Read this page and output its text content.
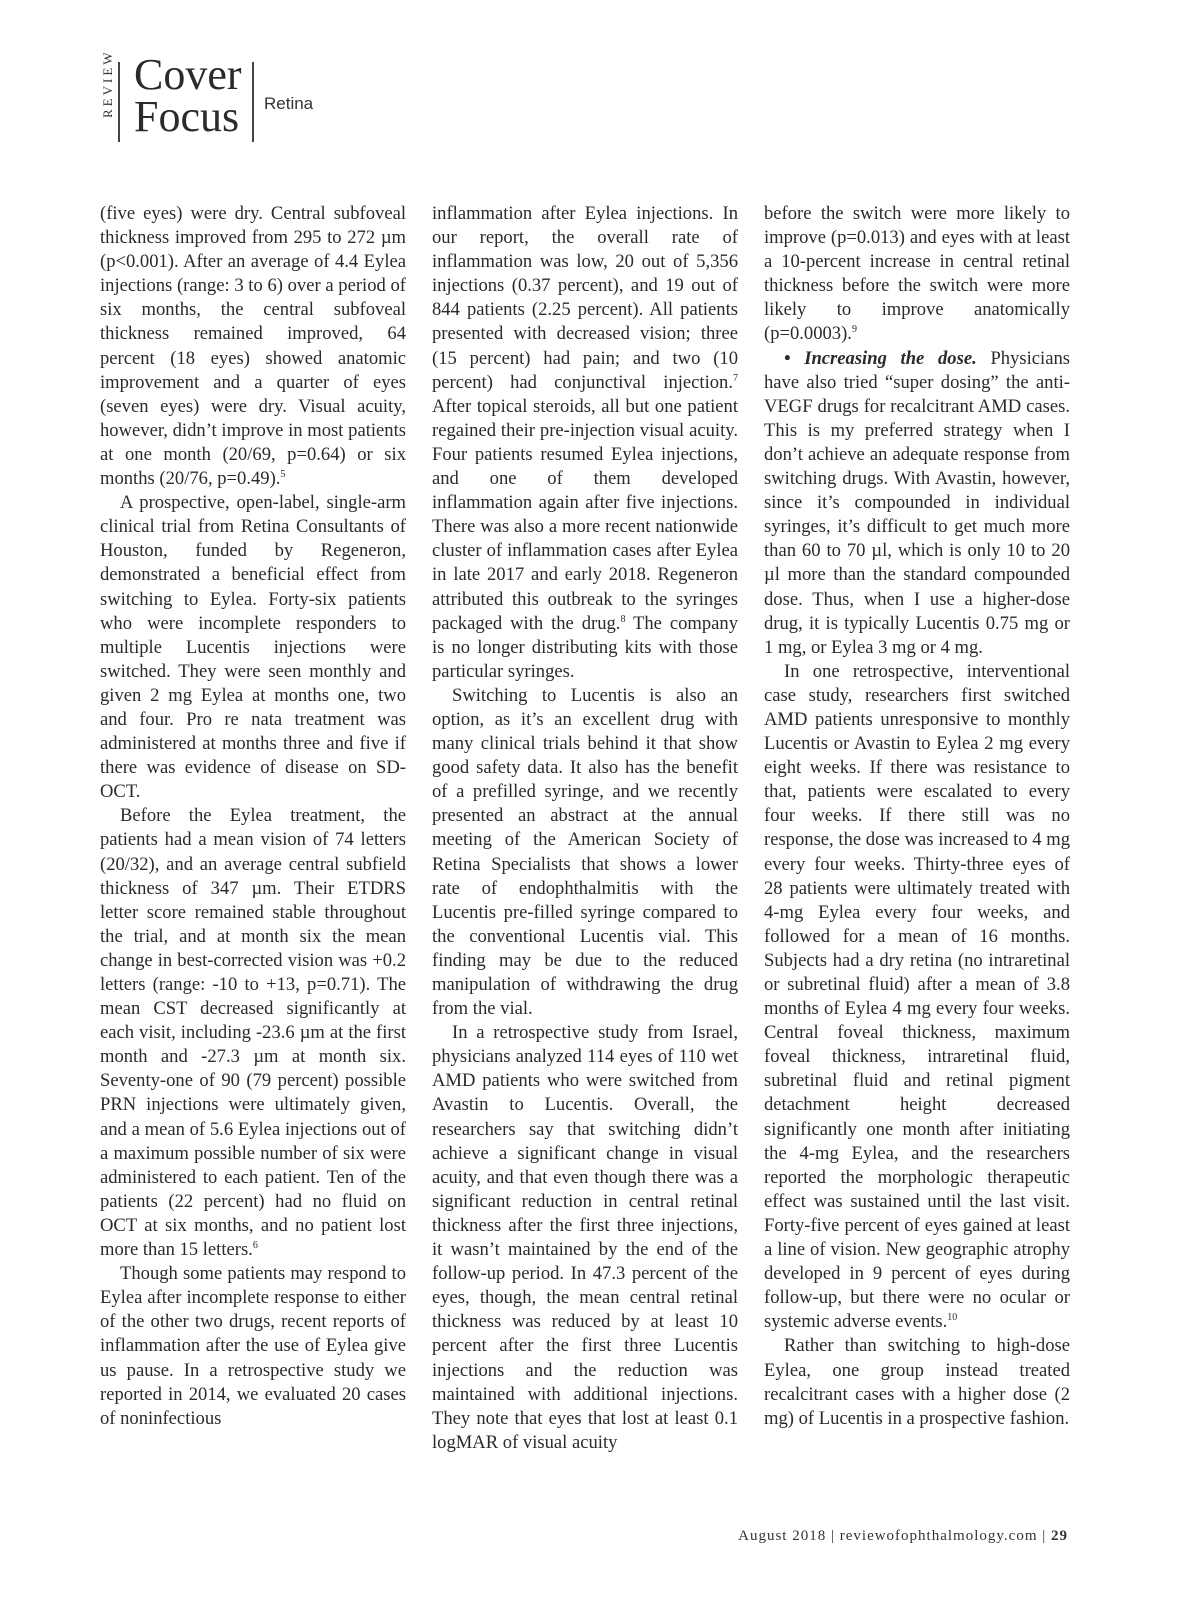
REVIEW Cover
Focus Retina

(five eyes) were dry. Central subfoveal thickness improved from 295 to 272 µm (p<0.001). After an average of 4.4 Eylea injections (range: 3 to 6) over a period of six months, the central subfoveal thickness remained improved, 64 percent (18 eyes) showed anatomic improvement and a quarter of eyes (seven eyes) were dry. Visual acuity, however, didn’t improve in most patients at one month (20/69, p=0.64) or six months (20/76, p=0.49).$^5$

A prospective, open-label, single-arm clinical trial from Retina Consultants of Houston, funded by Regeneron, demonstrated a beneficial effect from switching to Eylea. Forty-six patients who were incomplete responders to multiple Lucentis injections were switched. They were seen monthly and given 2 mg Eylea at months one, two and four. Pro re nata treatment was administered at months three and five if there was evidence of disease on SD-OCT.

Before the Eylea treatment, the patients had a mean vision of 74 letters (20/32), and an average central subfield thickness of 347 µm. Their ETDRS letter score remained stable throughout the trial, and at month six the mean change in best-corrected vision was +0.2 letters (range: -10 to +13, p=0.71). The mean CST decreased significantly at each visit, including -23.6 µm at the first month and -27.3 µm at month six. Seventy-one of 90 (79 percent) possible PRN injections were ultimately given, and a mean of 5.6 Eylea injections out of a maximum possible number of six were administered to each patient. Ten of the patients (22 percent) had no fluid on OCT at six months, and no patient lost more than 15 letters.$^6$

Though some patients may respond to Eylea after incomplete response to either of the other two drugs, recent reports of inflammation after the use of Eylea give us pause. In a retrospective study we reported in 2014, we evaluated 20 cases of noninfectious

inflammation after Eylea injections. In our report, the overall rate of inflammation was low, 20 out of 5,356 injections (0.37 percent), and 19 out of 844 patients (2.25 percent). All patients presented with decreased vision; three (15 percent) had pain; and two (10 percent) had conjunctival injection.$^7$ After topical steroids, all but one patient regained their pre-injection visual acuity. Four patients resumed Eylea injections, and one of them developed inflammation again after five injections. There was also a more recent nationwide cluster of inflammation cases after Eylea in late 2017 and early 2018. Regeneron attributed this outbreak to the syringes packaged with the drug.$^8$ The company is no longer distributing kits with those particular syringes.

Switching to Lucentis is also an option, as it’s an excellent drug with many clinical trials behind it that show good safety data. It also has the benefit of a prefilled syringe, and we recently presented an abstract at the annual meeting of the American Society of Retina Specialists that shows a lower rate of endophthalmitis with the Lucentis pre-filled syringe compared to the conventional Lucentis vial. This finding may be due to the reduced manipulation of withdrawing the drug from the vial.

In a retrospective study from Israel, physicians analyzed 114 eyes of 110 wet AMD patients who were switched from Avastin to Lucentis. Overall, the researchers say that switching didn’t achieve a significant change in visual acuity, and that even though there was a significant reduction in central retinal thickness after the first three injections, it wasn’t maintained by the end of the follow-up period. In 47.3 percent of the eyes, though, the mean central retinal thickness was reduced by at least 10 percent after the first three Lucentis injections and the reduction was maintained with additional injections. They note that eyes that lost at least 0.1 logMAR of visual acuity

before the switch were more likely to improve (p=0.013) and eyes with at least a 10-percent increase in central retinal thickness before the switch were more likely to improve anatomically (p=0.0003).$^9$

• Increasing the dose. Physicians have also tried “super dosing” the anti-VEGF drugs for recalcitrant AMD cases. This is my preferred strategy when I don’t achieve an adequate response from switching drugs. With Avastin, however, since it’s compounded in individual syringes, it’s difficult to get much more than 60 to 70 µl, which is only 10 to 20 µl more than the standard compounded dose. Thus, when I use a higher-dose drug, it is typically Lucentis 0.75 mg or 1 mg, or Eylea 3 mg or 4 mg.

In one retrospective, interventional case study, researchers first switched AMD patients unresponsive to monthly Lucentis or Avastin to Eylea 2 mg every eight weeks. If there was resistance to that, patients were escalated to every four weeks. If there still was no response, the dose was increased to 4 mg every four weeks. Thirty-three eyes of 28 patients were ultimately treated with 4-mg Eylea every four weeks, and followed for a mean of 16 months. Subjects had a dry retina (no intraretinal or subretinal fluid) after a mean of 3.8 months of Eylea 4 mg every four weeks. Central foveal thickness, maximum foveal thickness, intraretinal fluid, subretinal fluid and retinal pigment detachment height decreased significantly one month after initiating the 4-mg Eylea, and the researchers reported the morphologic therapeutic effect was sustained until the last visit. Forty-five percent of eyes gained at least a line of vision. New geographic atrophy developed in 9 percent of eyes during follow-up, but there were no ocular or systemic adverse events.$^{10}$

Rather than switching to high-dose Eylea, one group instead treated recalcitrant cases with a higher dose (2 mg) of Lucentis in a prospective fashion.

August 2018 | reviewofophthalmology.com | 29
